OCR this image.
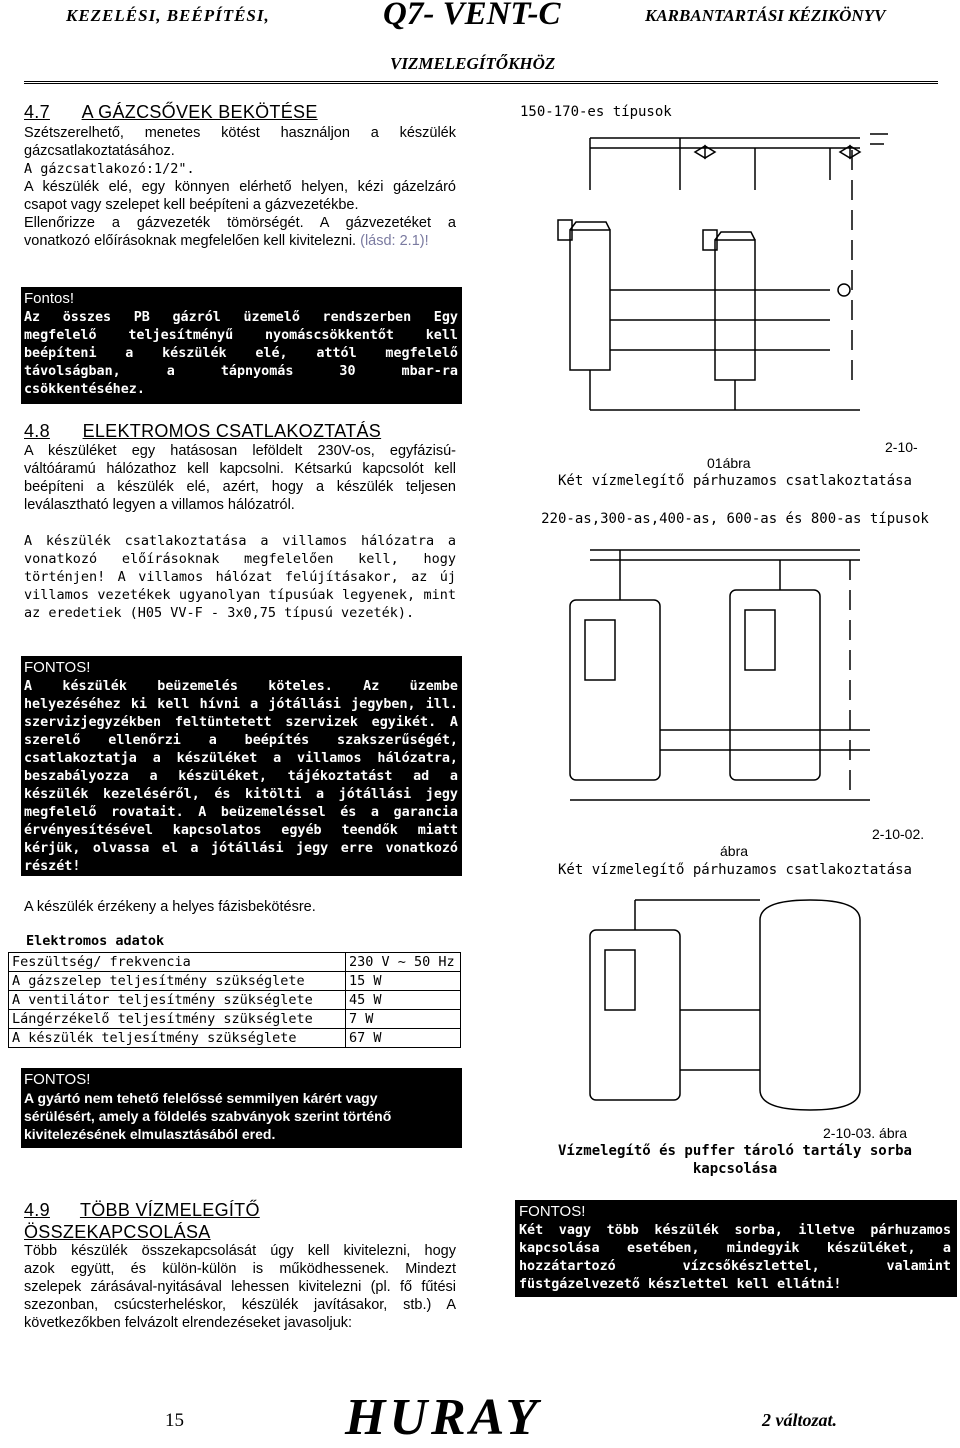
KEZELÉSI, BEÉPÍTÉSI,	Q7- VENT-C	KARBANTARTÁSI KÉZIKÖNYV
VIZMELEGÍTŐKHÖZ
4.7 A GÁZCSŐVEK BEKÖTÉSE
Szétszerelhető, menetes kötést használjon a készülék
gázcsatlakoztatásához.
A gázcsatlakozó:1/2".
A készülék elé, egy könnyen elérhető helyen, kézi gázelzáró
csapot vagy szelepet kell beépíteni a gázvezetékbe.
Ellenőrizze a gázvezeték tömörségét. A gázvezetéket a
vonatkozó előírásoknak megfelelően kell kivitelezni. (lásd: 2.1)!
Fontos!
Az összes PB gázról üzemelő rendszerben Egy
megfelelő teljesítményű nyomáscsökkentőt kell
beépíteni a készülék elé, attól megfelelő
távolságban, a tápnyomás 30 mbar-ra
csökkentéséhez.
4.8 ELEKTROMOS CSATLAKOZTATÁS
A készüléket egy hatásosan leföldelt 230V-os, egyfázisú-
váltóáramú hálózathoz kell kapcsolni. Kétsarkú kapcsolót kell
beépíteni a készülék elé, azért, hogy a készülék teljesen
leválasztható legyen a villamos hálózatról.
A készülék csatlakoztatása a villamos hálózatra a
vonatkozó előírásoknak megfelelően kell, hogy
történjen! A villamos hálózat felújításakor, az új
villamos vezetékek ugyanolyan típusúak legyenek, mint
az eredetiek (H05 VV-F - 3x0,75 típusú vezeték).
FONTOS!
A készülék beüzemelés köteles. Az üzembe
helyezéséhez ki kell hívni a jótállási jegyben, ill.
szervizjegyzékben feltüntetett szervizek egyikét. A
szerelő ellenőrzi a beépítés szakszerűségét,
csatlakoztatja a készüléket a villamos hálózatra,
beszabályozza a készüléket, tájékoztatást ad a
készülék kezeléséről, és kitölti a jótállási jegy
megfelelő rovatait. A beüzemeléssel és a garancia
érvényesítésével kapcsolatos egyéb teendők miatt
kérjük, olvassa el a jótállási jegy erre vonatkozó
részét!
A készülék érzékeny a helyes fázisbekötésre.
Elektromos adatok
Feszültség/ frekvencia	230 V ~ 50 Hz
A gázszelep teljesítmény szükséglete	15 W
A ventilátor teljesítmény szükséglete	45 W
Lángérzékelő teljesítmény szükséglete	7 W
A készülék teljesítmény szükséglete	67 W
FONTOS!
A gyártó nem tehető felelőssé semmilyen kárért vagy
sérülésért, amely a földelés szabványok szerint történő
kivitelezésének elmulasztásából ered.
4.9 TÖBB VÍZMELEGÍTŐ
ÖSSZEKAPCSOLÁSA
Több készülék összekapcsolását úgy kell kivitelezni, hogy
azok együtt, és külön-külön is működhessenek. Mindezt
szelepek zárásával-nyitásával lehessen kivitelezni (pl. fő fűtési
szezonban, csúcsterheléskor, készülék javításakor, stb.) A
következőkben felvázolt elrendezéseket javasoljuk:
FONTOS!
Két vagy több készülék sorba, illetve párhuzamos
kapcsolása esetében, mindegyik készüléket, a
hozzátartozó vízcsőkészlettel, valamint
füstgázelvezető készlettel kell ellátni!
150-170-es típusok
2-10-
01ábra
Két vízmelegítő párhuzamos csatlakoztatása
220-as,300-as,400-as, 600-as és 800-as típusok
2-10-02.
ábra
Két vízmelegítő párhuzamos csatlakoztatása
2-10-03. ábra
Vízmelegítő és puffer tároló tartály sorba
kapcsolása
15	HURAY	2 változat.
